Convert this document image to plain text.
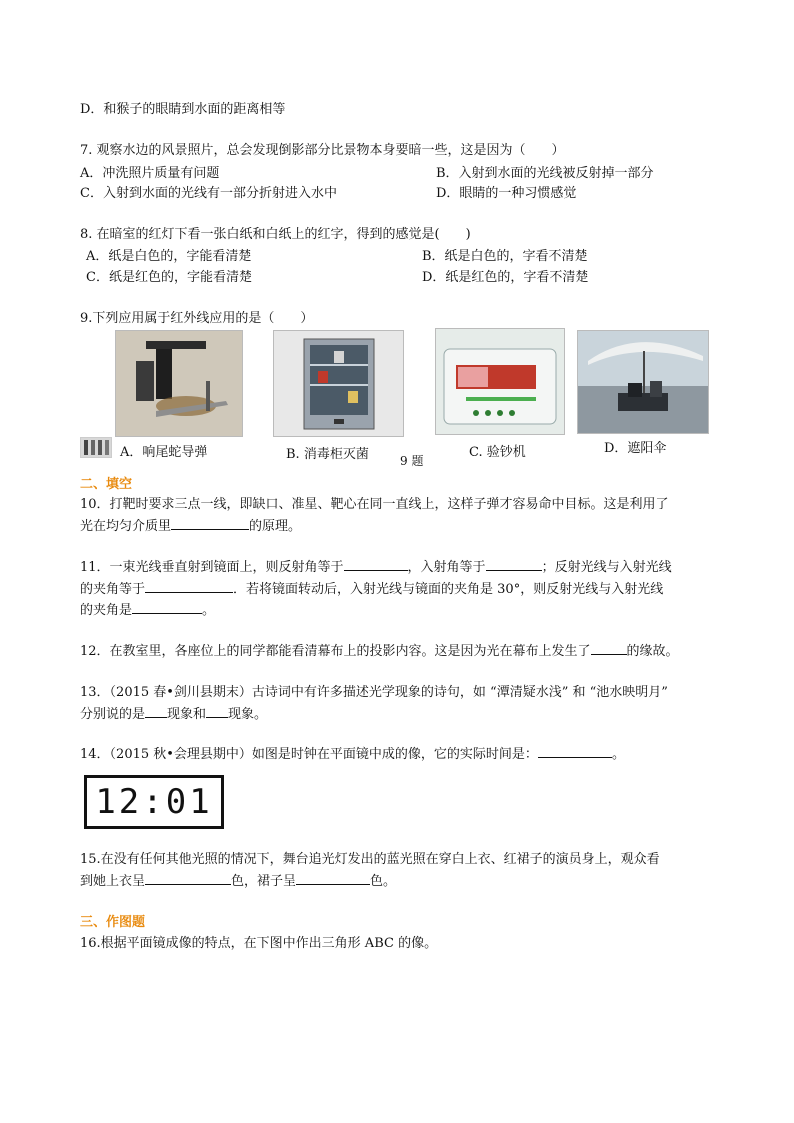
D．和猴子的眼睛到水面的距离相等
7. 观察水边的风景照片，总会发现倒影部分比景物本身要暗一些，这是因为（　　）
A．冲洗照片质量有问题	B．入射到水面的光线被反射掉一部分
C．入射到水面的光线有一部分折射进入水中	D．眼睛的一种习惯感觉
8. 在暗室的红灯下看一张白纸和白纸上的红字，得到的感觉是(　　)
A．纸是白色的，字能看清楚	B．纸是白色的，字看不清楚
C．纸是红色的，字能看清楚	D．纸是红色的，字看不清楚
9.下列应用属于红外线应用的是（　　）
A．响尾蛇导弹	B. 消毒柜灭菌	9 题
C. 验钞机	D．遮阳伞
二、填空
10．打靶时要求三点一线，即缺口、准星、靶心在同一直线上，这样子弹才容易命中目标。这是利用了
光在均匀介质里	的原理。
11．一束光线垂直射到镜面上，则反射角等于	，入射角等于	；反射光线与入射光线
的夹角等于	．若将镜面转动后，入射光线与镜面的夹角是 30°，则反射光线与入射光线
的夹角是	。
12．在教室里，各座位上的同学都能看清幕布上的投影内容。这是因为光在幕布上发生了	的缘故。
13．（2015 春•剑川县期末）古诗词中有许多描述光学现象的诗句，如 “潭清疑水浅” 和 “池水映明月”
分别说的是 现象和 现象。
14．（2015 秋•会理县期中）如图是时钟在平面镜中成的像，它的实际时间是：	。
12:01
15.在没有任何其他光照的情况下，舞台追光灯发出的蓝光照在穿白上衣、红裙子的演员身上，观众看
到她上衣呈	色，裙子呈	色。
三、作图题
16.根据平面镜成像的特点，在下图中作出三角形 ABC 的像。
